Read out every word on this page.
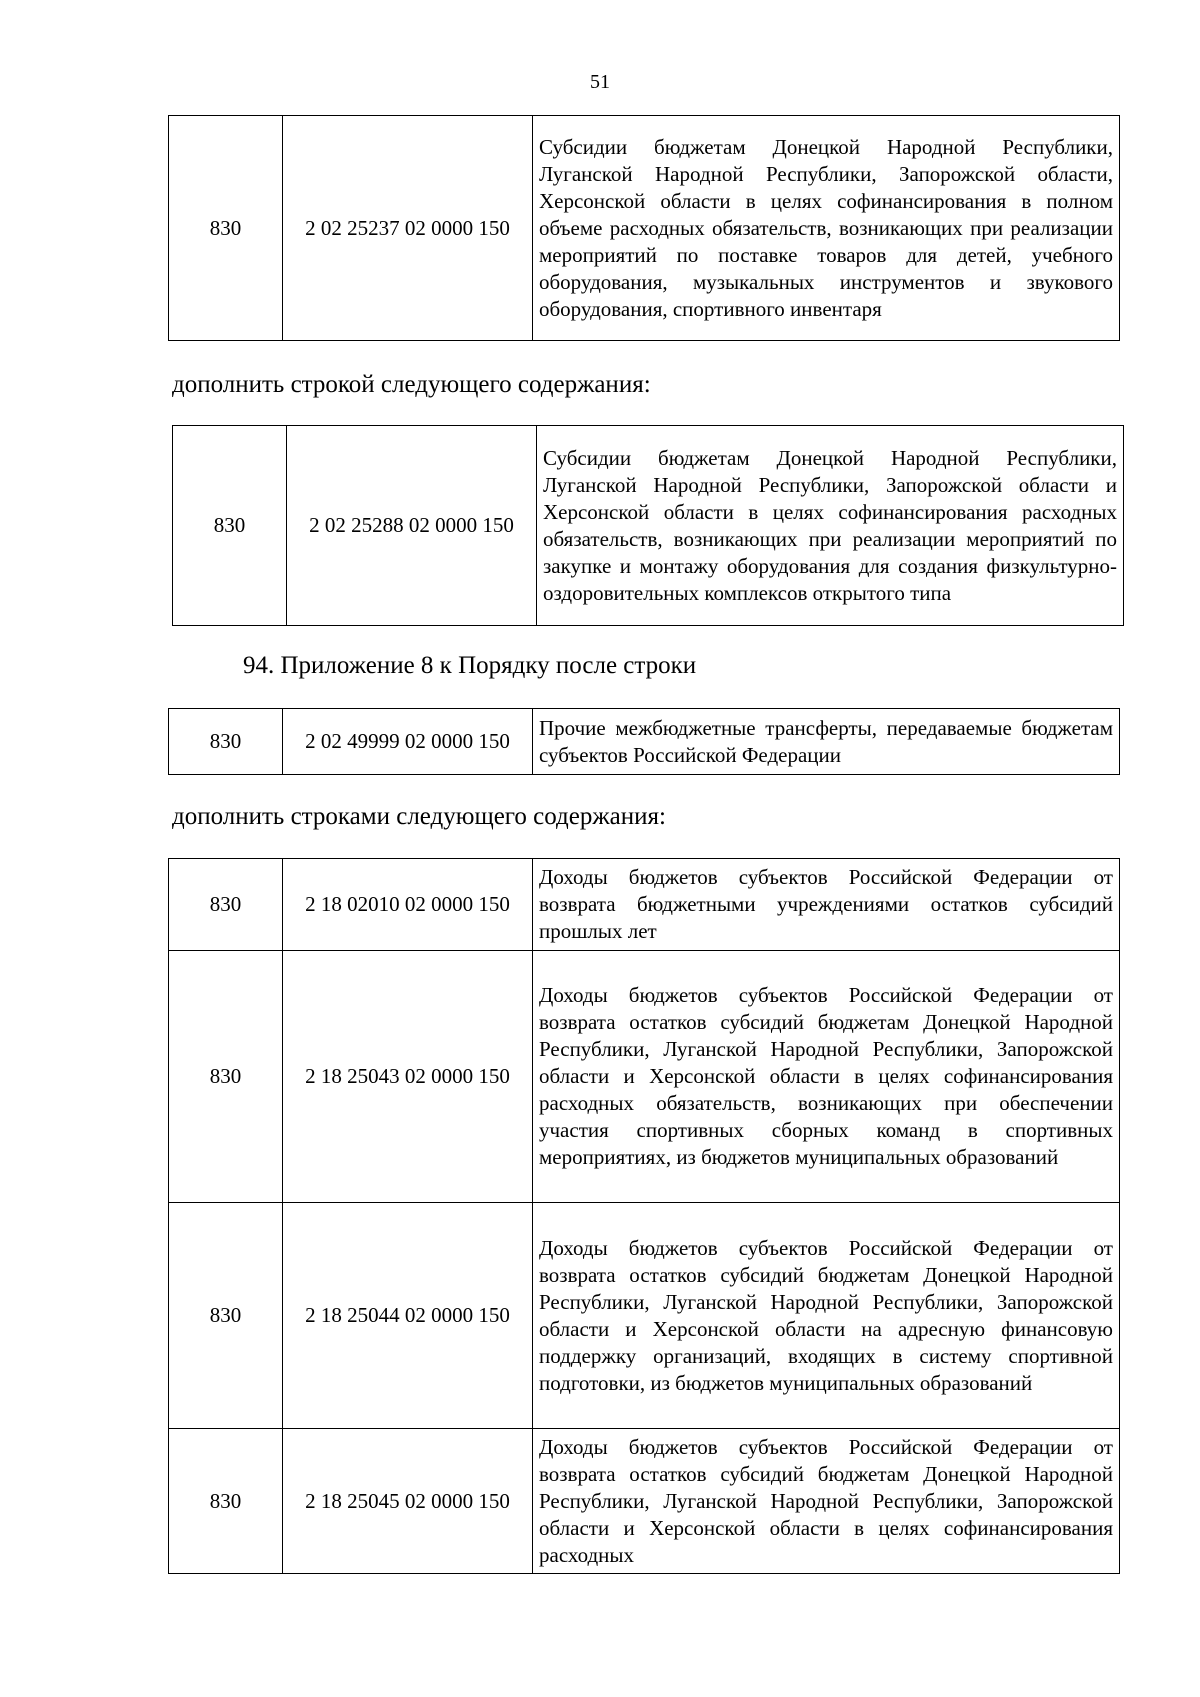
51
830	2 02 25237 02 0000 150	Субсидии бюджетам Донецкой Народной Республики, Луганской Народной Республики, Запорожской области, Херсонской области в целях софинансирования в полном объеме расходных обязательств, возникающих при реализации мероприятий по поставке товаров для детей, учебного оборудования, музыкальных инструментов и звукового оборудования, спортивного инвентаря
дополнить строкой следующего содержания:
830	2 02 25288 02 0000 150	Субсидии бюджетам Донецкой Народной Республики, Луганской Народной Республики, Запорожской области и Херсонской области в целях софинансирования расходных обязательств, возникающих при реализации мероприятий по закупке и монтажу оборудования для создания физкультурно-оздоровительных комплексов открытого типа
94. Приложение 8 к Порядку после строки
830	2 02 49999 02 0000 150	Прочие межбюджетные трансферты, передаваемые бюджетам субъектов Российской Федерации
дополнить строками следующего содержания:
830	2 18 02010 02 0000 150	Доходы бюджетов субъектов Российской Федерации от возврата бюджетными учреждениями остатков субсидий прошлых лет
830	2 18 25043 02 0000 150	Доходы бюджетов субъектов Российской Федерации от возврата остатков субсидий бюджетам Донецкой Народной Республики, Луганской Народной Республики, Запорожской области и Херсонской области в целях софинансирования расходных обязательств, возникающих при обеспечении участия спортивных сборных команд в спортивных мероприятиях, из бюджетов муниципальных образований
830	2 18 25044 02 0000 150	Доходы бюджетов субъектов Российской Федерации от возврата остатков субсидий бюджетам Донецкой Народной Республики, Луганской Народной Республики, Запорожской области и Херсонской области на адресную финансовую поддержку организаций, входящих в систему спортивной подготовки, из бюджетов муниципальных образований
830	2 18 25045 02 0000 150	Доходы бюджетов субъектов Российской Федерации от возврата остатков субсидий бюджетам Донецкой Народной Республики, Луганской Народной Республики, Запорожской области и Херсонской области в целях софинансирования расходных
